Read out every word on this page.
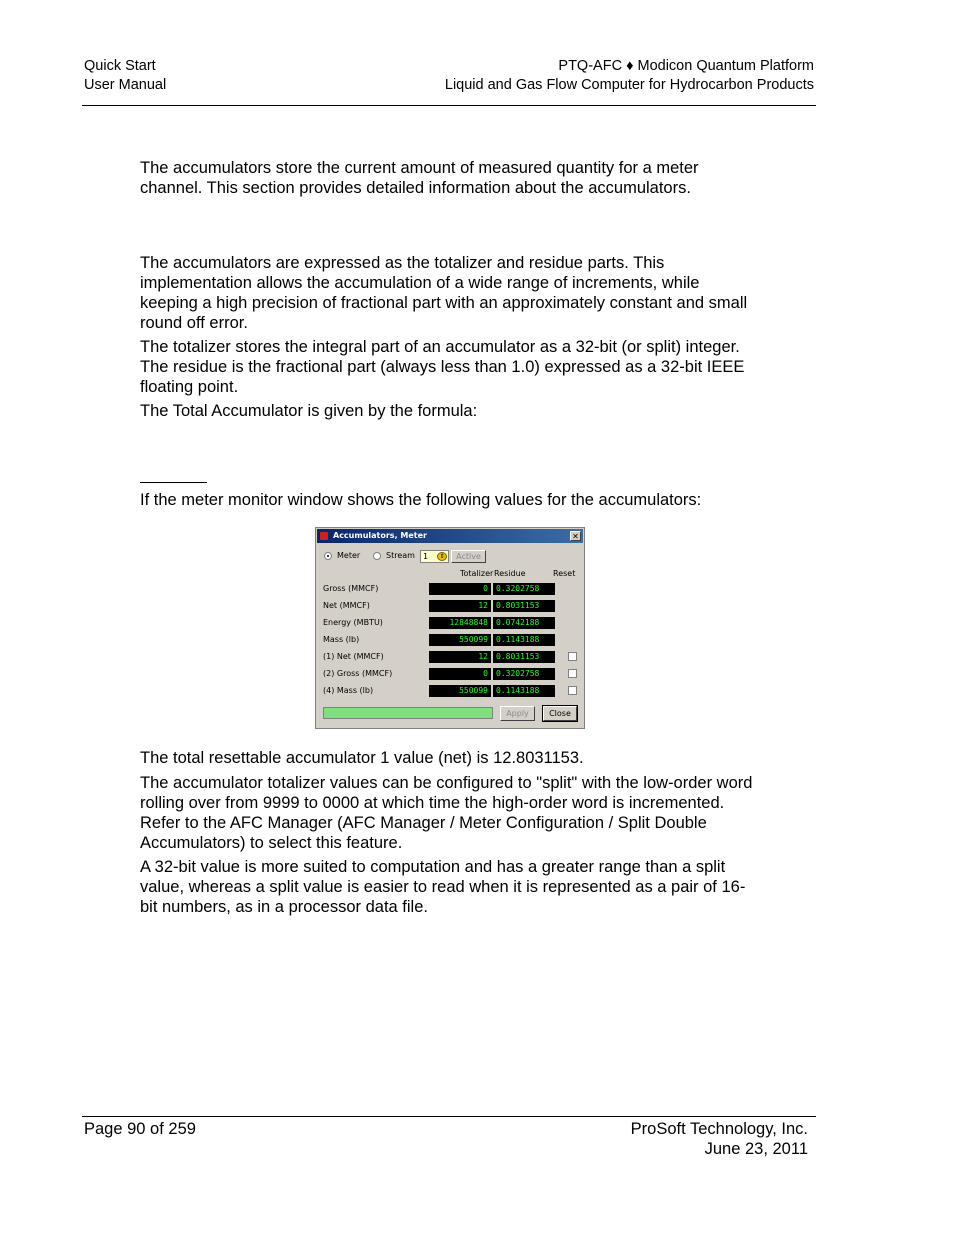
Quick Start
User Manual
PTQ-AFC ♦ Modicon Quantum Platform
Liquid and Gas Flow Computer for Hydrocarbon Products

The accumulators store the current amount of measured quantity for a meter channel. This section provides detailed information about the accumulators.

The accumulators are expressed as the totalizer and residue parts. This implementation allows the accumulation of a wide range of increments, while keeping a high precision of fractional part with an approximately constant and small round off error.

The totalizer stores the integral part of an accumulator as a 32-bit (or split) integer. The residue is the fractional part (always less than 1.0) expressed as a 32-bit IEEE floating point.

The Total Accumulator is given by the formula:

If the meter monitor window shows the following values for the accumulators:

Accumulators, Meter	✕
Meter	Stream	1	⇕	Active
Totalizer Residue	Reset
Gross (MMCF)	0	0.3202758
Net (MMCF)	12	0.8031153
Energy (MBTU)	12848848	0.0742188
Mass (lb)	550099	0.1143188
(1) Net (MMCF)	12	0.8031153
(2) Gross (MMCF)	0	0.3202758
(4) Mass (lb)	550099	0.1143188
Apply	Close

The total resettable accumulator 1 value (net) is 12.8031153.

The accumulator totalizer values can be configured to "split" with the low-order word rolling over from 9999 to 0000 at which time the high-order word is incremented. Refer to the AFC Manager (AFC Manager / Meter Configuration / Split Double Accumulators) to select this feature.

A 32-bit value is more suited to computation and has a greater range than a split value, whereas a split value is easier to read when it is represented as a pair of 16-bit numbers, as in a processor data file.

Page 90 of 259	ProSoft Technology, Inc.
June 23, 2011
